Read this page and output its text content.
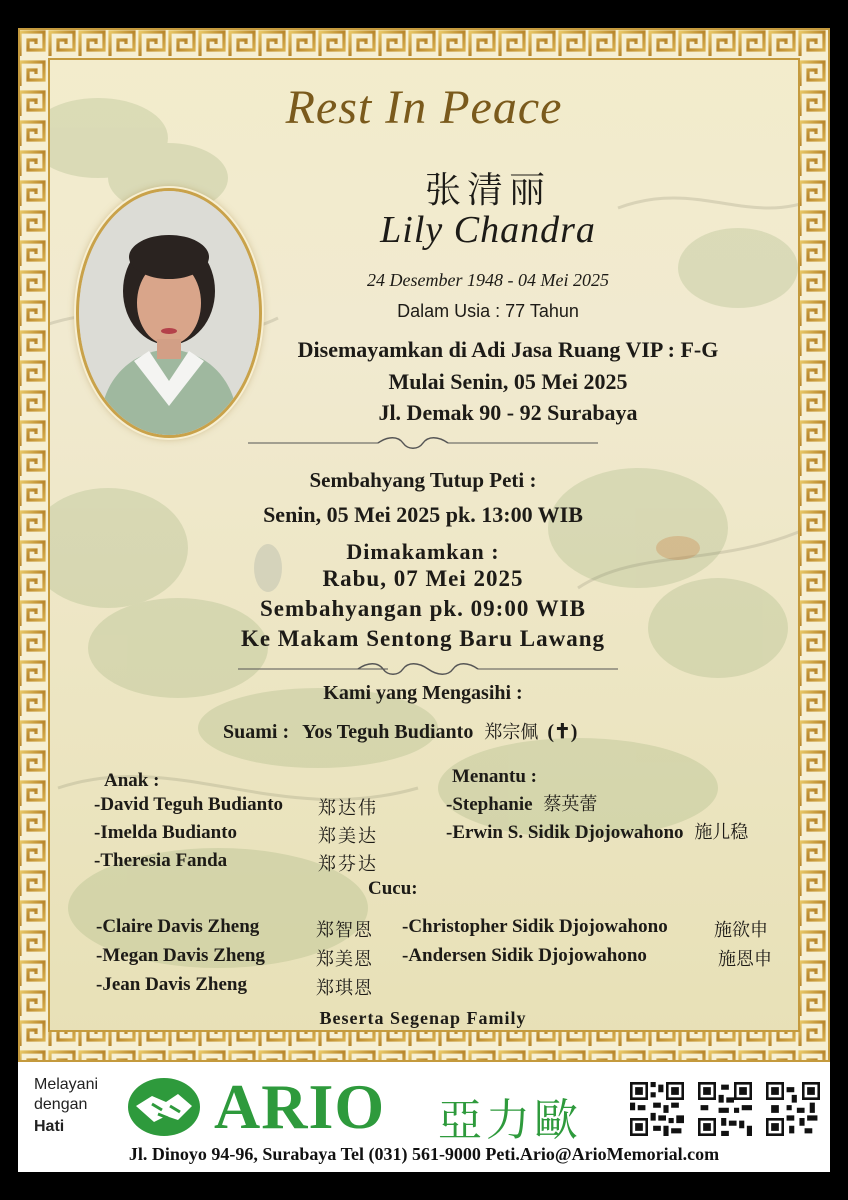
Rest In Peace
张清丽
Lily Chandra
24 Desember 1948 - 04 Mei 2025
Dalam Usia : 77 Tahun
Disemayamkan di Adi Jasa Ruang VIP : F-G
Mulai Senin, 05 Mei 2025
Jl. Demak 90 - 92 Surabaya
Sembahyang Tutup Peti :
Senin, 05 Mei 2025 pk. 13:00 WIB
Dimakamkan :
Rabu, 07 Mei 2025
Sembahyangan pk. 09:00 WIB
Ke Makam Sentong Baru Lawang
Kami yang Mengasihi :
Suami : Yos Teguh Budianto 郑宗佩 (✝)
Anak :
-David Teguh Budianto 郑达伟
-Imelda Budianto	郑美达
-Theresia Fanda	郑芬达
Menantu :
-Stephanie 蔡英蕾
-Erwin S. Sidik Djojowahono 施儿稳
Cucu:
-Claire Davis Zheng	郑智恩
-Megan Davis Zheng	郑美恩
-Jean Davis Zheng	郑琪恩
-Christopher Sidik Djojowahono	施欲申
-Andersen Sidik Djojowahono	施恩申
Beserta Segenap Family
Melayani
dengan
Hati ARIO 亞力歐
Jl. Dinoyo 94-96, Surabaya Tel (031) 561-9000 Peti.Ario@ArioMemorial.com
